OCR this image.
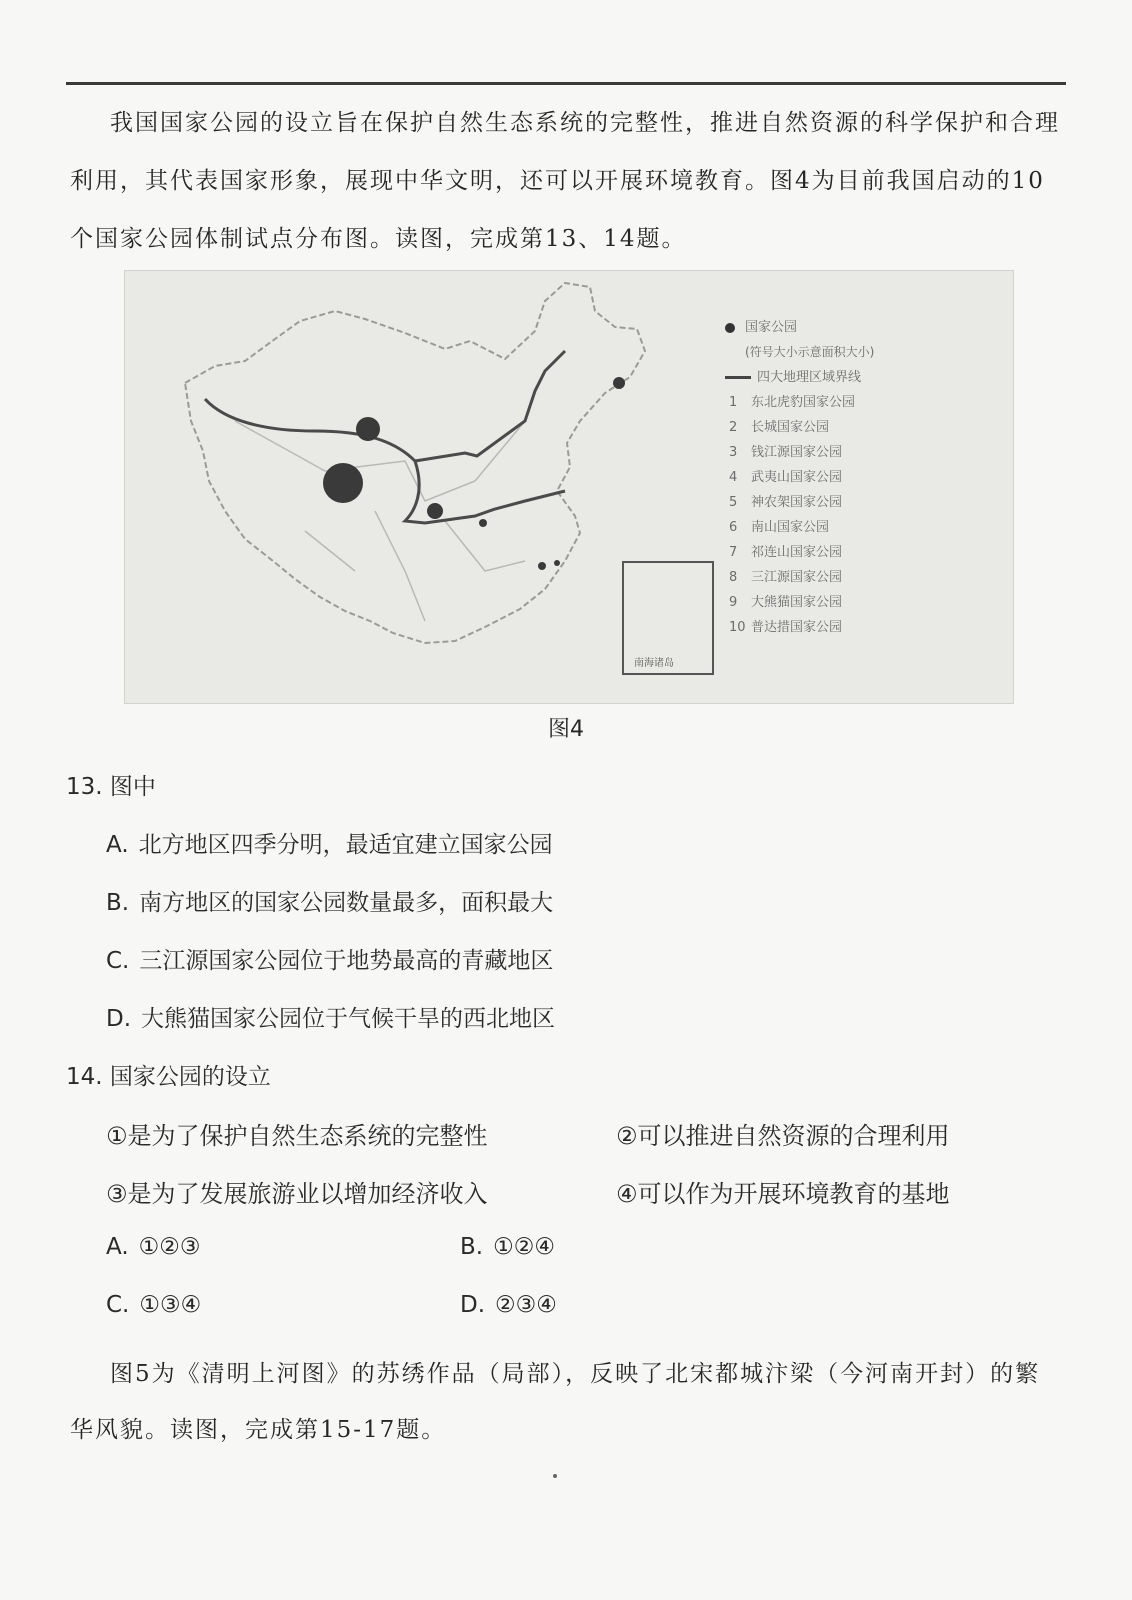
我国国家公园的设立旨在保护自然生态系统的完整性，推进自然资源的科学保护和合理利用，其代表国家形象，展现中华文明，还可以开展环境教育。图4为目前我国启动的10个国家公园体制试点分布图。读图，完成第13、14题。
国家公园
(符号大小示意面积大小)
四大地理区域界线
1 东北虎豹国家公园
2 长城国家公园
3 钱江源国家公园
4 武夷山国家公园
5 神农架国家公园
6 南山国家公园
7 祁连山国家公园
8 三江源国家公园
9 大熊猫国家公园
10 普达措国家公园
南海诸岛
图4
13. 图中
A. 北方地区四季分明，最适宜建立国家公园
B. 南方地区的国家公园数量最多，面积最大
C. 三江源国家公园位于地势最高的青藏地区
D. 大熊猫国家公园位于气候干旱的西北地区
14. 国家公园的设立
①是为了保护自然生态系统的完整性	②可以推进自然资源的合理利用
③是为了发展旅游业以增加经济收入	④可以作为开展环境教育的基地
A. ①②③	B. ①②④
C. ①③④	D. ②③④
图5为《清明上河图》的苏绣作品（局部），反映了北宋都城汴梁（今河南开封）的繁华风貌。读图，完成第15-17题。
